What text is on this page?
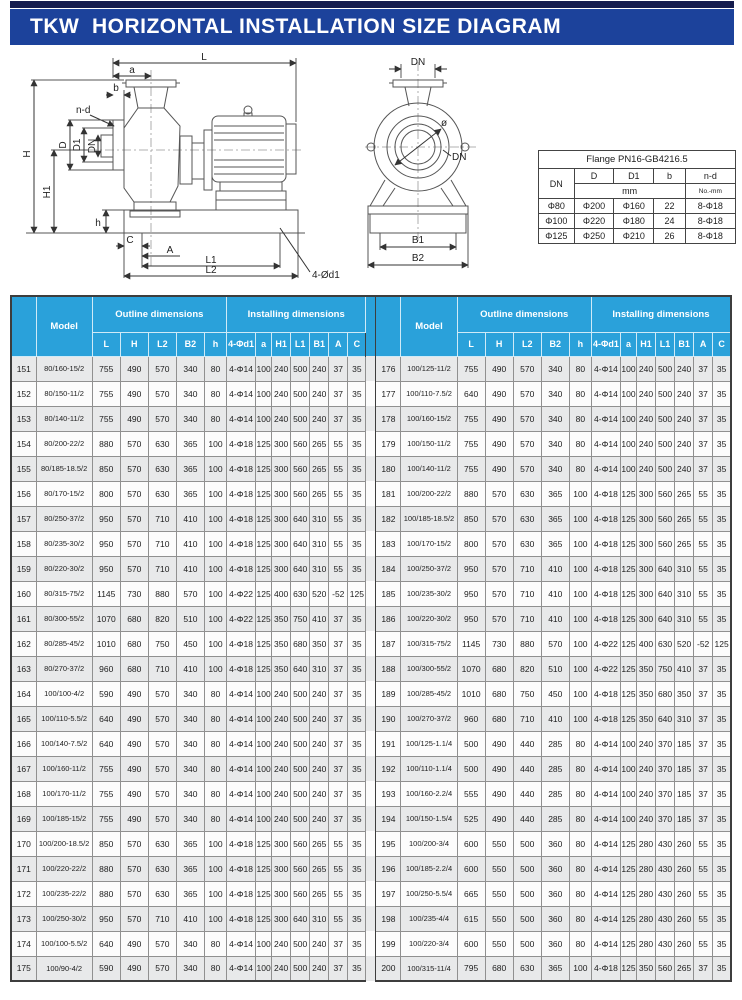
TKW  HORIZONTAL INSTALLATION SIZE DIAGRAM
L
a
b
n-d
H
H1
D D1 DN
h
C
A
L1
L2	4-Ød1
DN
ø
DN
B1
B2
Flange PN16-GB4216.5				
DN	D	D1	b	n-d
	mm			No.-mm
Φ80	Φ200	Φ160	22	8-Φ18
Φ100	Φ220	Φ180	24	8-Φ18
Φ125	Φ250	Φ210	26	8-Φ18
	Model	Outline dimensions					Installing dimensions									Model	Outline dimensions					Installing dimensions						
		L	H	L2	B2	h	4-Φd1	a	H1	L1	B1	A	C				L	H	L2	B2	h	4-Φd1	a	H1	L1	B1	A	C
151	80/160-15/2	755	490	570	340	80	4-Φ14	100	240	500	240	37	35		176	100/125-11/2	755	490	570	340	80	4-Φ14	100	240	500	240	37	35
152	80/150-11/2	755	490	570	340	80	4-Φ14	100	240	500	240	37	35		177	100/110-7.5/2	640	490	570	340	80	4-Φ14	100	240	500	240	37	35
153	80/140-11/2	755	490	570	340	80	4-Φ14	100	240	500	240	37	35		178	100/160-15/2	755	490	570	340	80	4-Φ14	100	240	500	240	37	35
154	80/200-22/2	880	570	630	365	100	4-Φ18	125	300	560	265	55	35		179	100/150-11/2	755	490	570	340	80	4-Φ14	100	240	500	240	37	35
155	80/185-18.5/2	850	570	630	365	100	4-Φ18	125	300	560	265	55	35		180	100/140-11/2	755	490	570	340	80	4-Φ14	100	240	500	240	37	35
156	80/170-15/2	800	570	630	365	100	4-Φ18	125	300	560	265	55	35		181	100/200-22/2	880	570	630	365	100	4-Φ18	125	300	560	265	55	35
157	80/250-37/2	950	570	710	410	100	4-Φ18	125	300	640	310	55	35		182	100/185-18.5/2	850	570	630	365	100	4-Φ18	125	300	560	265	55	35
158	80/235-30/2	950	570	710	410	100	4-Φ18	125	300	640	310	55	35		183	100/170-15/2	800	570	630	365	100	4-Φ18	125	300	560	265	55	35
159	80/220-30/2	950	570	710	410	100	4-Φ18	125	300	640	310	55	35		184	100/250-37/2	950	570	710	410	100	4-Φ18	125	300	640	310	55	35
160	80/315-75/2	1145	730	880	570	100	4-Φ22	125	400	630	520	-52	125		185	100/235-30/2	950	570	710	410	100	4-Φ18	125	300	640	310	55	35
161	80/300-55/2	1070	680	820	510	100	4-Φ22	125	350	750	410	37	35		186	100/220-30/2	950	570	710	410	100	4-Φ18	125	300	640	310	55	35
162	80/285-45/2	1010	680	750	450	100	4-Φ18	125	350	680	350	37	35		187	100/315-75/2	1145	730	880	570	100	4-Φ22	125	400	630	520	-52	125
163	80/270-37/2	960	680	710	410	100	4-Φ18	125	350	640	310	37	35		188	100/300-55/2	1070	680	820	510	100	4-Φ22	125	350	750	410	37	35
164	100/100-4/2	590	490	570	340	80	4-Φ14	100	240	500	240	37	35		189	100/285-45/2	1010	680	750	450	100	4-Φ18	125	350	680	350	37	35
165	100/110-5.5/2	640	490	570	340	80	4-Φ14	100	240	500	240	37	35		190	100/270-37/2	960	680	710	410	100	4-Φ18	125	350	640	310	37	35
166	100/140-7.5/2	640	490	570	340	80	4-Φ14	100	240	500	240	37	35		191	100/125-1.1/4	500	490	440	285	80	4-Φ14	100	240	370	185	37	35
167	100/160-11/2	755	490	570	340	80	4-Φ14	100	240	500	240	37	35		192	100/110-1.1/4	500	490	440	285	80	4-Φ14	100	240	370	185	37	35
168	100/170-11/2	755	490	570	340	80	4-Φ14	100	240	500	240	37	35		193	100/160-2.2/4	555	490	440	285	80	4-Φ14	100	240	370	185	37	35
169	100/185-15/2	755	490	570	340	80	4-Φ14	100	240	500	240	37	35		194	100/150-1.5/4	525	490	440	285	80	4-Φ14	100	240	370	185	37	35
170	100/200-18.5/2	850	570	630	365	100	4-Φ18	125	300	560	265	55	35		195	100/200-3/4	600	550	500	360	80	4-Φ14	125	280	430	260	55	35
171	100/220-22/2	880	570	630	365	100	4-Φ18	125	300	560	265	55	35		196	100/185-2.2/4	600	550	500	360	80	4-Φ14	125	280	430	260	55	35
172	100/235-22/2	880	570	630	365	100	4-Φ18	125	300	560	265	55	35		197	100/250-5.5/4	665	550	500	360	80	4-Φ14	125	280	430	260	55	35
173	100/250-30/2	950	570	710	410	100	4-Φ18	125	300	640	310	55	35		198	100/235-4/4	615	550	500	360	80	4-Φ14	125	280	430	260	55	35
174	100/100-5.5/2	640	490	570	340	80	4-Φ14	100	240	500	240	37	35		199	100/220-3/4	600	550	500	360	80	4-Φ14	125	280	430	260	55	35
175	100/90-4/2	590	490	570	340	80	4-Φ14	100	240	500	240	37	35		200	100/315-11/4	795	680	630	365	100	4-Φ18	125	350	560	265	37	35
